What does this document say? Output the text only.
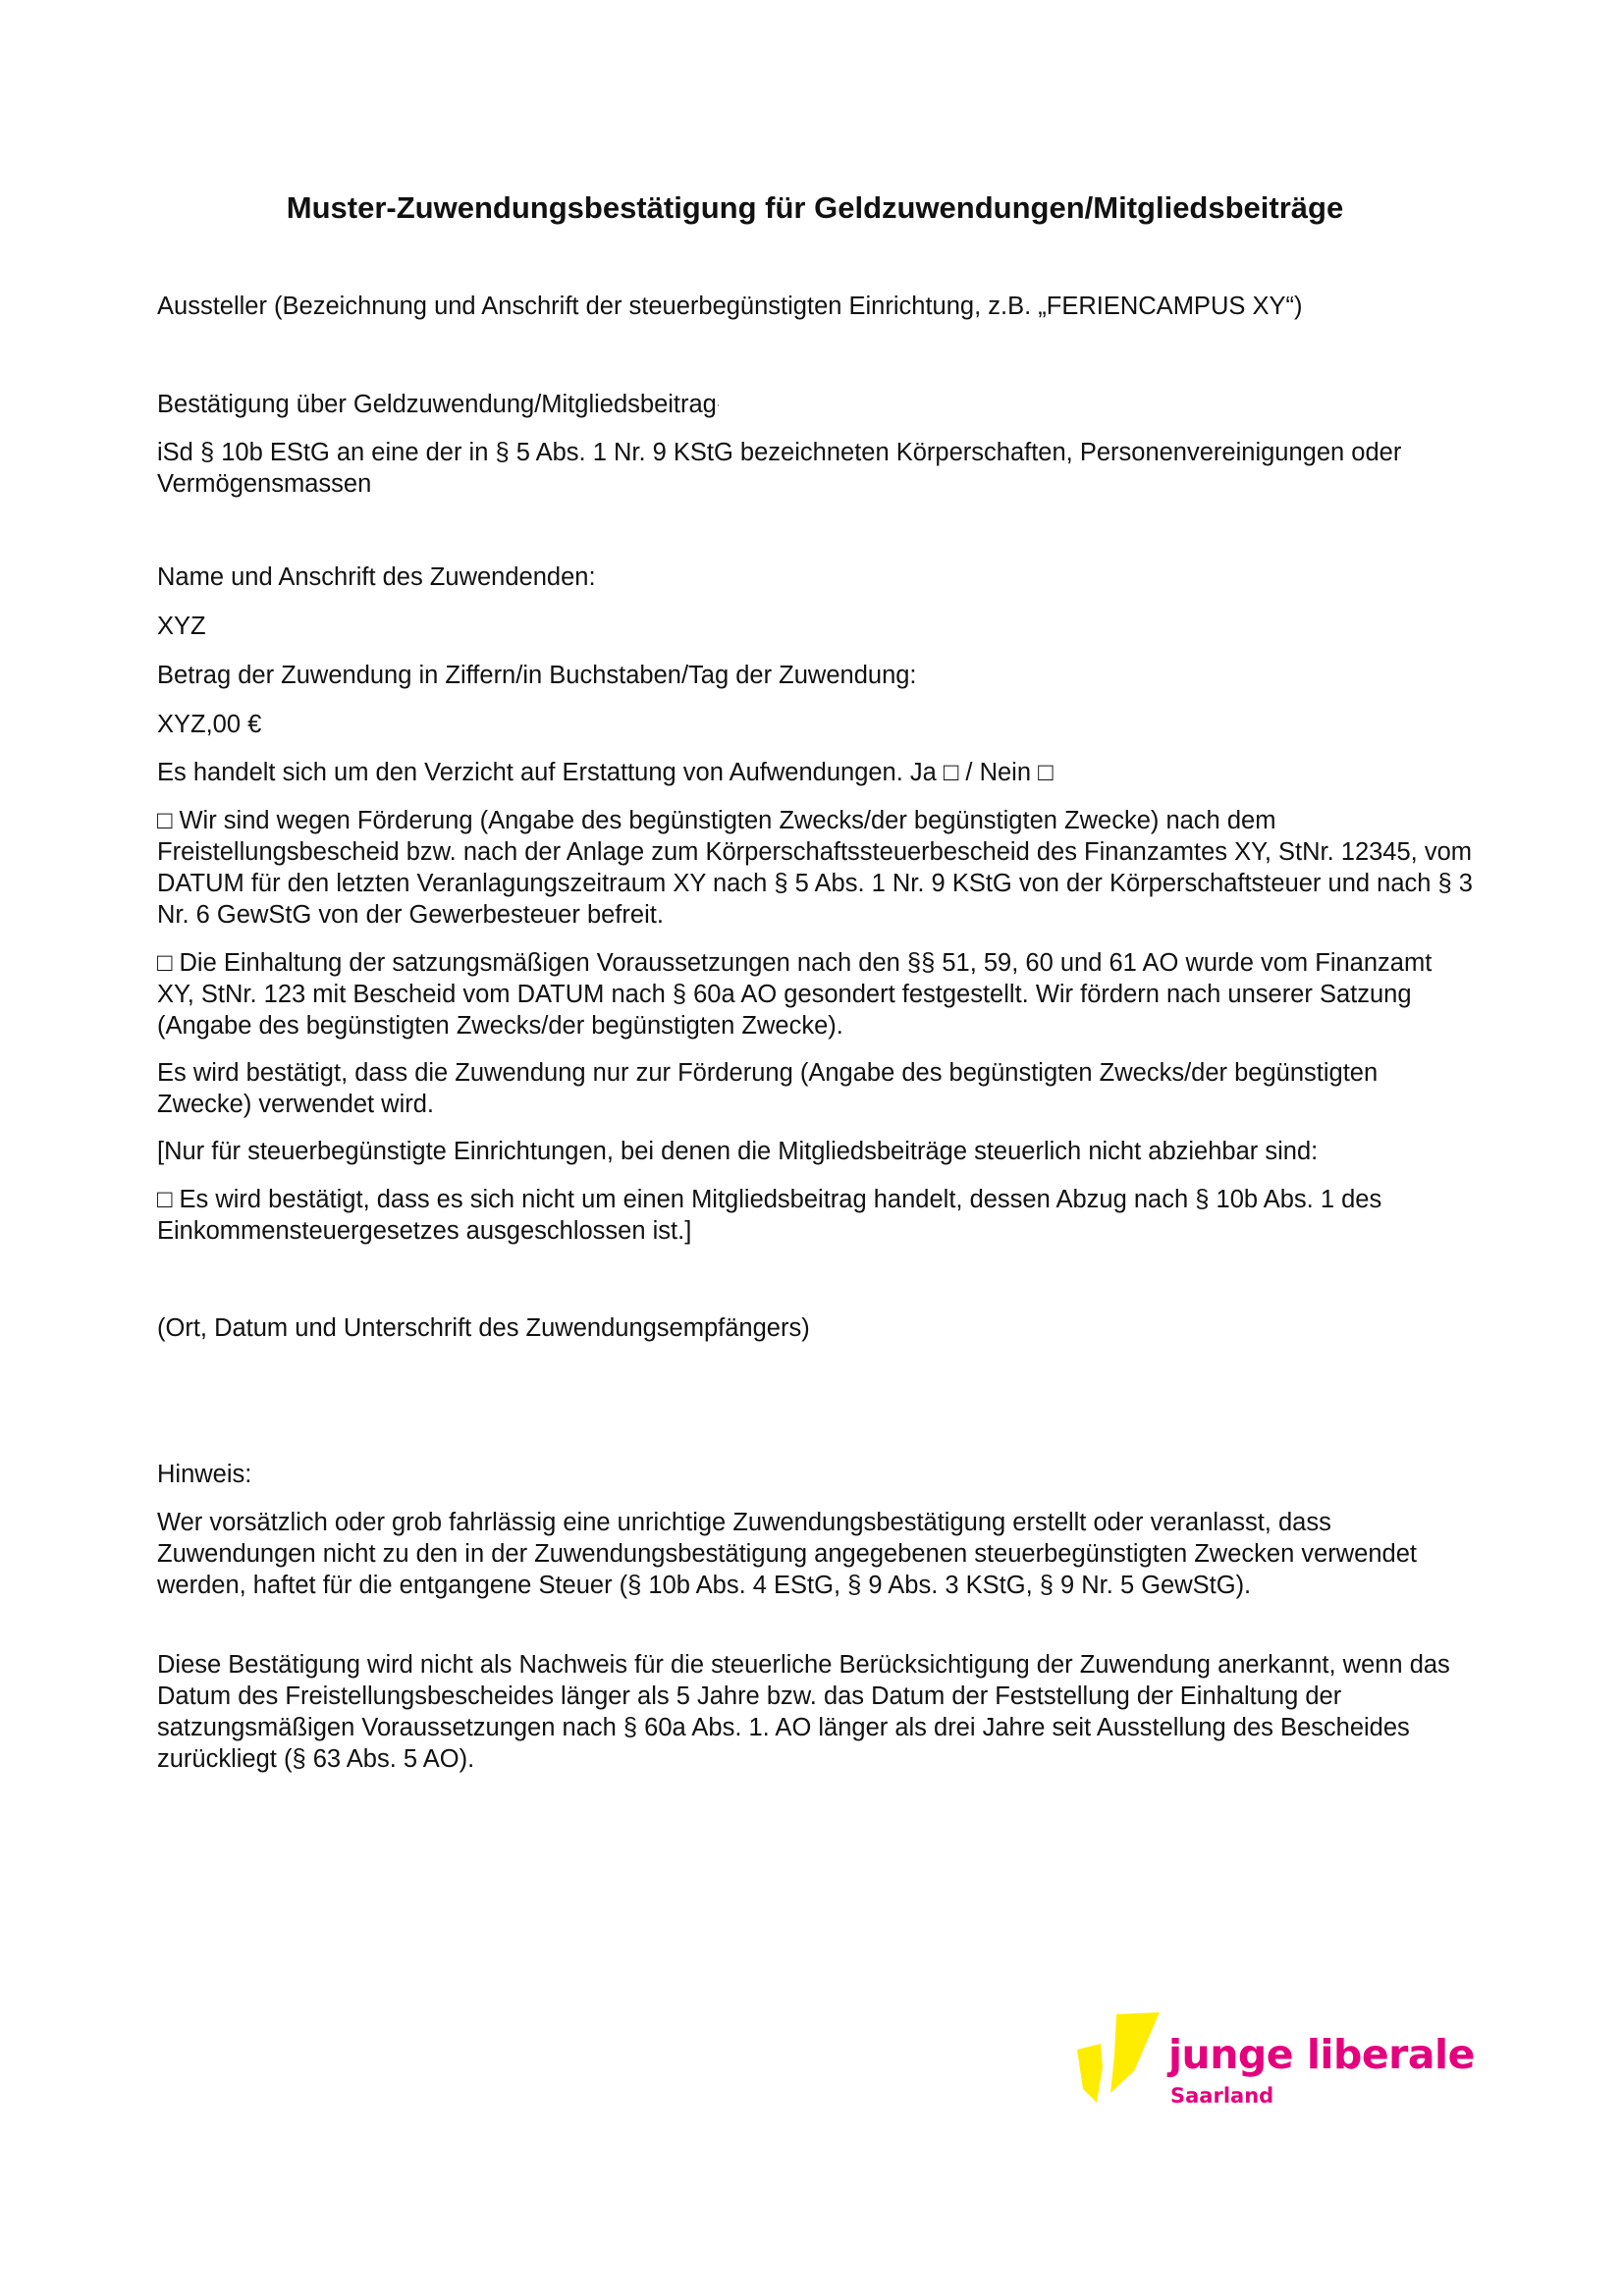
Muster-Zuwendungsbestätigung für Geldzuwendungen/Mitgliedsbeiträge
Aussteller (Bezeichnung und Anschrift der steuerbegünstigten Einrichtung, z.B. „FERIENCAMPUS XY“)
Bestätigung über Geldzuwendung/Mitgliedsbeitrag·
iSd § 10b EStG an eine der in § 5 Abs. 1 Nr. 9 KStG bezeichneten Körperschaften, Personenvereinigungen oder Vermögensmassen
Name und Anschrift des Zuwendenden:
XYZ
Betrag der Zuwendung in Ziffern/in Buchstaben/Tag der Zuwendung:
XYZ,00 €
Es handelt sich um den Verzicht auf Erstattung von Aufwendungen. Ja □ / Nein □
□ Wir sind wegen Förderung (Angabe des begünstigten Zwecks/der begünstigten Zwecke) nach dem Freistellungsbescheid bzw. nach der Anlage zum Körperschaftssteuerbescheid des Finanzamtes XY, StNr. 12345, vom DATUM für den letzten Veranlagungszeitraum XY nach § 5 Abs. 1 Nr. 9 KStG von der Körperschaftsteuer und nach § 3 Nr. 6 GewStG von der Gewerbesteuer befreit.
□ Die Einhaltung der satzungsmäßigen Voraussetzungen nach den §§ 51, 59, 60 und 61 AO wurde vom Finanzamt XY, StNr. 123 mit Bescheid vom DATUM nach § 60a AO gesondert festgestellt. Wir fördern nach unserer Satzung (Angabe des begünstigten Zwecks/der begünstigten Zwecke).
Es wird bestätigt, dass die Zuwendung nur zur Förderung (Angabe des begünstigten Zwecks/der begünstigten Zwecke) verwendet wird.
[Nur für steuerbegünstigte Einrichtungen, bei denen die Mitgliedsbeiträge steuerlich nicht abziehbar sind:
□ Es wird bestätigt, dass es sich nicht um einen Mitgliedsbeitrag handelt, dessen Abzug nach § 10b Abs. 1 des Einkommensteuergesetzes ausgeschlossen ist.]
(Ort, Datum und Unterschrift des Zuwendungsempfängers)
Hinweis:
Wer vorsätzlich oder grob fahrlässig eine unrichtige Zuwendungsbestätigung erstellt oder veranlasst, dass Zuwendungen nicht zu den in der Zuwendungsbestätigung angegebenen steuerbegünstigten Zwecken verwendet werden, haftet für die entgangene Steuer (§ 10b Abs. 4 EStG, § 9 Abs. 3 KStG, § 9 Nr. 5 GewStG).
Diese Bestätigung wird nicht als Nachweis für die steuerliche Berücksichtigung der Zuwendung anerkannt, wenn das Datum des Freistellungsbescheides länger als 5 Jahre bzw. das Datum der Feststellung der Einhaltung der satzungsmäßigen Voraussetzungen nach § 60a Abs. 1. AO länger als drei Jahre seit Ausstellung des Bescheides zurückliegt (§ 63 Abs. 5 AO).
junge liberale
Saarland
